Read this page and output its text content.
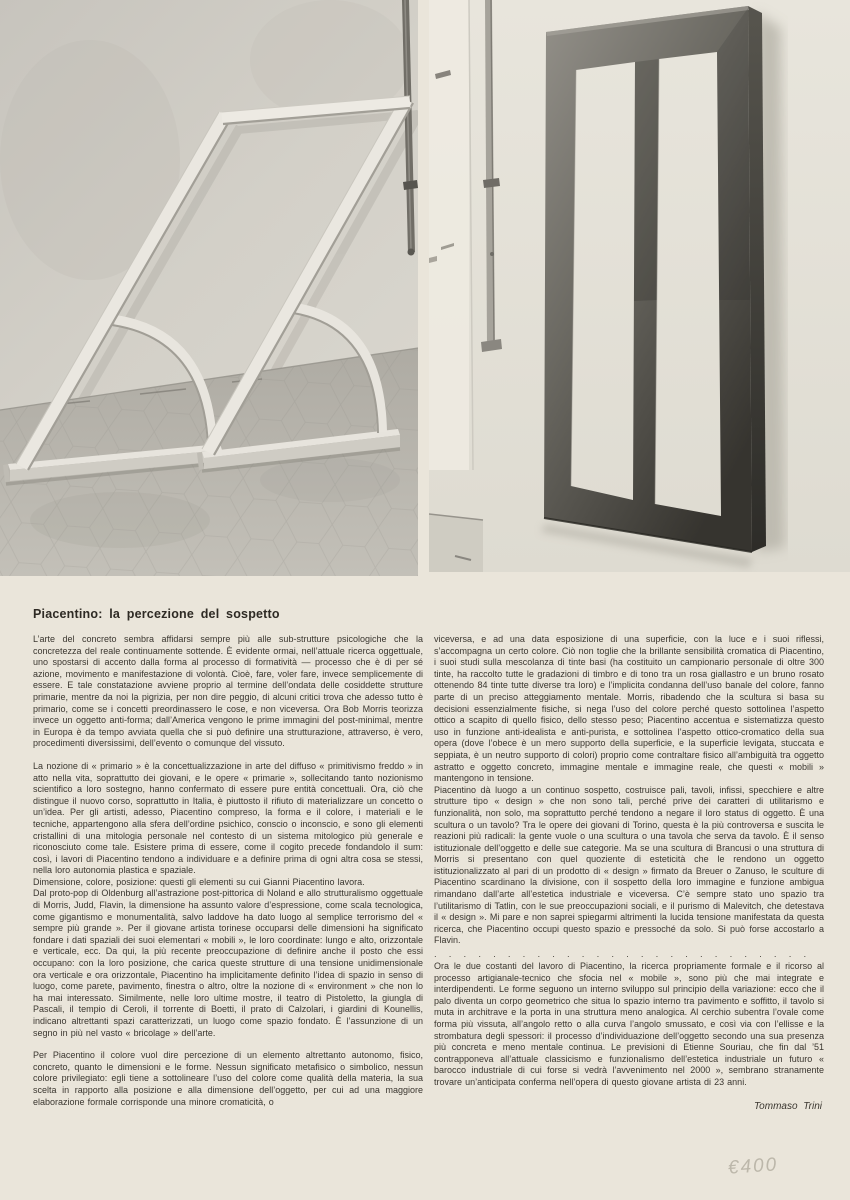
Piacentino: la percezione del sospetto

L’arte del concreto sembra affidarsi sempre più alle sub-strutture psicologiche che la concretezza del reale continuamente sottende. È evidente ormai, nell’attuale ricerca oggettuale, uno spostarsi di accento dalla forma al processo di formatività — processo che è di per sé azione, movimento e manifestazione di volontà. Cioè, fare, voler fare, invece semplicemente di essere. E tale constatazione avviene proprio al termine dell’ondata delle cosiddette strutture primarie, mentre da noi la pigrizia, per non dire peggio, di alcuni critici trova che adesso tutto è primario, come se i concetti preordinassero le cose, e non viceversa. Ora Bob Morris teorizza invece un oggetto anti-forma; dall’America vengono le prime immagini del post-minimal, mentre in Europa è da tempo avviata quella che si può definire una strutturazione, attraverso, è vero, procedimenti diversissimi, dell’evento o comunque del vissuto.

La nozione di « primario » è la concettualizzazione in arte del diffuso « primitivismo freddo » in atto nella vita, soprattutto dei giovani, e le opere « primarie », sollecitando tanto nozionismo scientifico a loro sostegno, hanno confermato di essere pure entità concettuali. Ora, ciò che distingue il nuovo corso, soprattutto in Italia, è piuttosto il rifiuto di materializzare un concetto o un’idea. Per gli artisti, adesso, Piacentino compreso, la forma e il colore, i materiali e le tecniche, appartengono alla sfera dell’ordine psichico, conscio o inconscio, e sono gli elementi cristallini di una mitologia personale nel contesto di un sistema mitologico più generale e riconosciuto come tale. Esistere prima di essere, come il cogito precede fondandolo il sum: così, i lavori di Piacentino tendono a individuare e a definire prima di ogni altra cosa se stessi, nella loro autonomia plastica e spaziale.

Dimensione, colore, posizione: questi gli elementi su cui Gianni Piacentino lavora.

Dal proto-pop di Oldenburg all’astrazione post-pittorica di Noland e allo strutturalismo oggettuale di Morris, Judd, Flavin, la dimensione ha assunto valore d’espressione, come scala tecnologica, come gigantismo e monumentalità, salvo laddove ha dato luogo al semplice terrorismo del « sempre più grande ». Per il giovane artista torinese occuparsi delle dimensioni ha significato fondare i dati spaziali dei suoi elementari « mobili », le loro coordinate: lungo e alto, orizzontale e verticale, ecc. Da qui, la più recente preoccupazione di definire anche il posto che essi occupano: con la loro posizione, che carica queste strutture di una tensione unidimensionale ora verticale e ora orizzontale, Piacentino ha implicitamente definito l’idea di spazio in senso di luogo, come parete, pavimento, finestra o altro, oltre la nozione di « environment » che non lo ha mai interessato. Similmente, nelle loro ultime mostre, il teatro di Pistoletto, la giungla di Pascali, il tempio di Ceroli, il torrente di Boetti, il prato di Calzolari, i giardini di Kounellis, indicano altrettanti spazi caratterizzati, un luogo come spazio fondato. È l’assunzione di un segno in più nel vasto « bricolage » dell’arte.

Per Piacentino il colore vuol dire percezione di un elemento altrettanto autonomo, fisico, concreto, quanto le dimensioni e le forme. Nessun significato metafisico o simbolico, nessun colore privilegiato: egli tiene a sottolineare l’uso del colore come qualità della materia, la sua scelta in rapporto alla posizione e alla dimensione dell’oggetto, per cui ad una maggiore elaborazione formale corrisponde una minore cromaticità, o

viceversa, e ad una data esposizione di una superficie, con la luce e i suoi riflessi, s’accompagna un certo colore. Ciò non toglie che la brillante sensibilità cromatica di Piacentino, i suoi studi sulla mescolanza di tinte basi (ha costituito un campionario personale di oltre 300 tinte, ha raccolto tutte le gradazioni di timbro e di tono tra un rosa giallastro e un bruno rosato ottenendo 84 tinte tutte diverse tra loro) e l’implicita condanna dell’uso banale del colore, fanno parte di un preciso atteggiamento mentale. Morris, ribadendo che la scultura si basa su decisioni essenzialmente fisiche, si nega l’uso del colore perché questo sottolinea l’aspetto ottico a scapito di quello fisico, dello stesso peso; Piacentino accentua e sistematizza questo uso in funzione anti-idealista e anti-purista, e sottolinea l’aspetto ottico-cromatico della sua opera (dove l’obece è un mero supporto della superficie, e la superficie levigata, stuccata e seppiata, è un neutro supporto di colori) proprio come contraltare fisico all’ambiguità tra oggetto astratto e oggetto concreto, immagine mentale e immagine reale, che questi « mobili » mantengono in tensione.

Piacentino dà luogo a un continuo sospetto, costruisce pali, tavoli, infissi, specchiere e altre strutture tipo « design » che non sono tali, perché prive dei caratteri di utilitarismo e funzionalità, non solo, ma soprattutto perché tendono a negare il loro status di oggetto. È una scultura o un tavolo? Tra le opere dei giovani di Torino, questa è la più controversa e suscita le reazioni più radicali: la gente vuole o una scultura o una tavola che serva da tavolo. È il senso istituzionale dell’oggetto e delle sue categorie. Ma se una scultura di Brancusi o una struttura di Morris si presentano con quel quoziente di esteticità che le rendono un oggetto istituzionalizzato al pari di un prodotto di « design » firmato da Breuer o Zanuso, le sculture di Piacentino scardinano la divisione, con il sospetto della loro immagine e funzione ambigua rimandano dall’arte all’estetica industriale e viceversa. C’è sempre stato uno spazio tra l’utilitarismo di Tatlin, con le sue preoccupazioni sociali, e il purismo di Malevitch, che detestava il « design ». Mi pare e non saprei spiegarmi altrimenti la lucida tensione manifestata da questa ricerca, che Piacentino occupi questo spazio e pressoché da solo. Si può forse accostarlo a Flavin.

. . . . . . . . . . . . . . . . . . . . . . . . . .

Ora le due costanti del lavoro di Piacentino, la ricerca propriamente formale e il ricorso al processo artigianale-tecnico che sfocia nel « mobile », sono più che mai integrate e interdipendenti. Le forme seguono un interno sviluppo sul principio della variazione: ecco che il palo diventa un corpo geometrico che situa lo spazio interno tra pavimento e soffitto, il tavolo si muta in architrave e la porta in una struttura meno analogica. Al cerchio subentra l’ovale come forma più vissuta, all’angolo retto o alla curva l’angolo smussato, e così via con l’ellisse e la strombatura degli spessori: il processo d’individuazione dell’oggetto secondo una sua presenza più concreta e meno mentale continua. Le previsioni di Etienne Souriau, che fin dal ’51 contrapponeva all’attuale classicismo e funzionalismo dell’estetica industriale un futuro « barocco industriale di cui forse si vedrà l’avvenimento nel 2000 », sembrano stranamente trovare un’anticipata conferma nell’opera di questo giovane artista di 23 anni.

Tommaso Trini

€400
